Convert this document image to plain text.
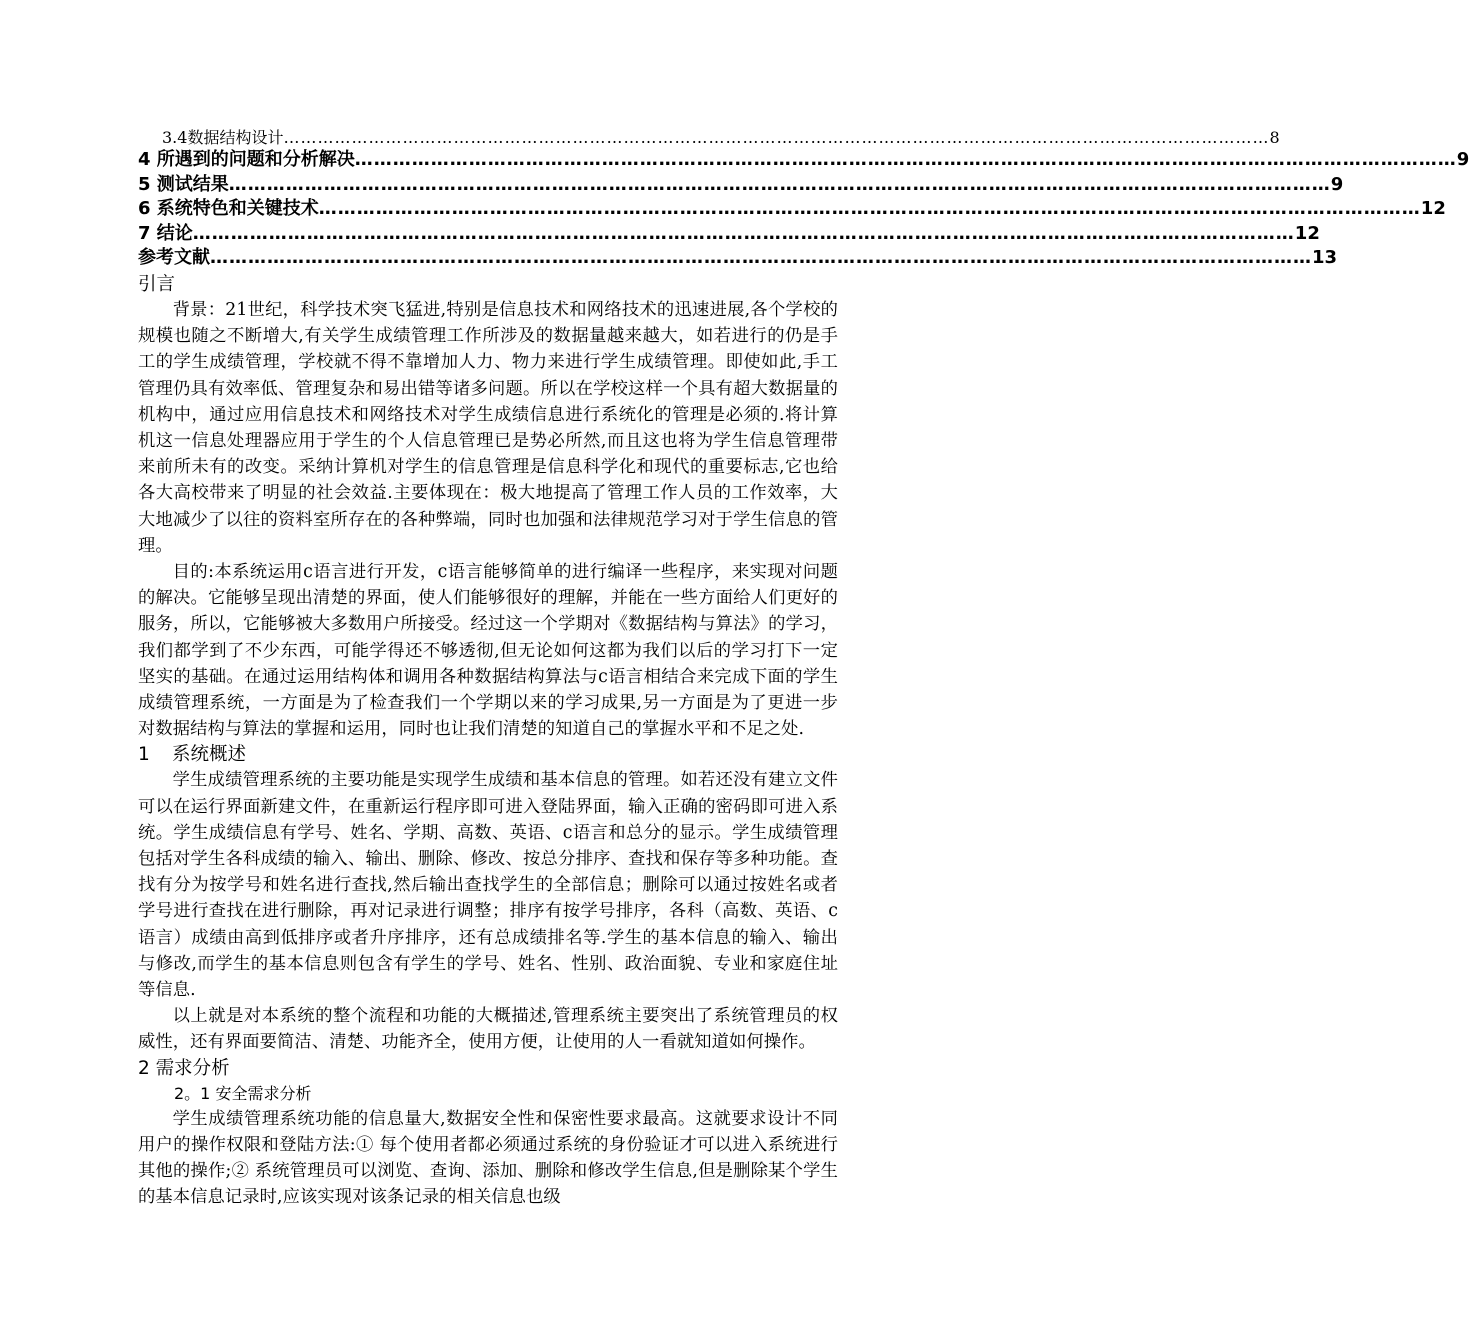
3.4数据结构设计 ………………………………………………………………………………………………………………………………………………………… 8
4 所遇到的问题和分析解决 ………………………………………………………………………………………………………………………………………………………… 9
5 测试结果 ………………………………………………………………………………………………………………………………………………………… 9
6 系统特色和关键技术 ………………………………………………………………………………………………………………………………………………………… 12
7 结论 ………………………………………………………………………………………………………………………………………………………… 12
参考文献 ………………………………………………………………………………………………………………………………………………………… 13
引言

背景：21世纪，科学技术突飞猛进,特别是信息技术和网络技术的迅速进展,各个学校的规模也随之不断增大,有关学生成绩管理工作所涉及的数据量越来越大，如若进行的仍是手工的学生成绩管理，学校就不得不靠增加人力、物力来进行学生成绩管理。即使如此,手工管理仍具有效率低、管理复杂和易出错等诸多问题。所以在学校这样一个具有超大数据量的机构中，通过应用信息技术和网络技术对学生成绩信息进行系统化的管理是必须的.将计算机这一信息处理器应用于学生的个人信息管理已是势必所然,而且这也将为学生信息管理带来前所未有的改变。采纳计算机对学生的信息管理是信息科学化和现代的重要标志,它也给各大高校带来了明显的社会效益.主要体现在：极大地提高了管理工作人员的工作效率，大大地减少了以往的资料室所存在的各种弊端，同时也加强和法律规范学习对于学生信息的管理。

目的:本系统运用c语言进行开发，c语言能够简单的进行编译一些程序，来实现对问题的解决。它能够呈现出清楚的界面，使人们能够很好的理解，并能在一些方面给人们更好的服务，所以，它能够被大多数用户所接受。经过这一个学期对《数据结构与算法》的学习，我们都学到了不少东西，可能学得还不够透彻,但无论如何这都为我们以后的学习打下一定坚实的基础。在通过运用结构体和调用各种数据结构算法与c语言相结合来完成下面的学生成绩管理系统，一方面是为了检查我们一个学期以来的学习成果,另一方面是为了更进一步对数据结构与算法的掌握和运用，同时也让我们清楚的知道自己的掌握水平和不足之处.

1 系统概述

学生成绩管理系统的主要功能是实现学生成绩和基本信息的管理。如若还没有建立文件可以在运行界面新建文件，在重新运行程序即可进入登陆界面，输入正确的密码即可进入系统。学生成绩信息有学号、姓名、学期、高数、英语、c语言和总分的显示。学生成绩管理包括对学生各科成绩的输入、输出、删除、修改、按总分排序、查找和保存等多种功能。查找有分为按学号和姓名进行查找,然后输出查找学生的全部信息；删除可以通过按姓名或者学号进行查找在进行删除，再对记录进行调整；排序有按学号排序，各科（高数、英语、c语言）成绩由高到低排序或者升序排序，还有总成绩排名等.学生的基本信息的输入、输出与修改,而学生的基本信息则包含有学生的学号、姓名、性别、政治面貌、专业和家庭住址等信息.

以上就是对本系统的整个流程和功能的大概描述,管理系统主要突出了系统管理员的权威性，还有界面要简洁、清楚、功能齐全，使用方便，让使用的人一看就知道如何操作。

2 需求分析
2。1 安全需求分析

学生成绩管理系统功能的信息量大,数据安全性和保密性要求最高。这就要求设计不同用户的操作权限和登陆方法:① 每个使用者都必须通过系统的身份验证才可以进入系统进行其他的操作;② 系统管理员可以浏览、查询、添加、删除和修改学生信息,但是删除某个学生的基本信息记录时,应该实现对该条记录的相关信息也级
